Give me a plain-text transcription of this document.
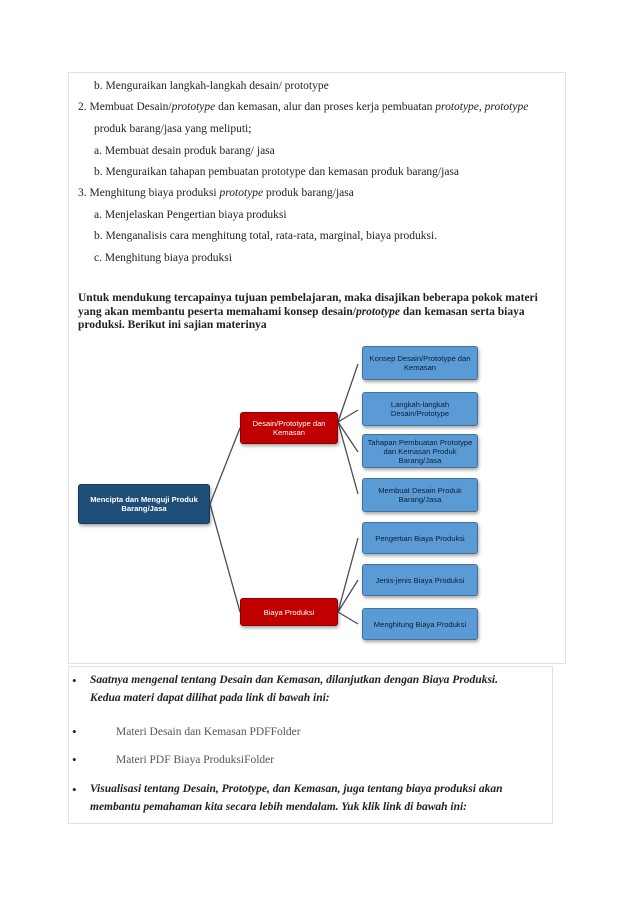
b. Menguraikan langkah-langkah desain/ prototype
2. Membuat Desain/prototype dan kemasan, alur dan proses kerja pembuatan prototype, prototype
produk barang/jasa yang meliputi;
a. Membuat desain produk barang/ jasa
b. Menguraikan tahapan pembuatan prototype dan kemasan produk barang/jasa
3. Menghitung biaya produksi prototype produk barang/jasa
a. Menjelaskan Pengertian biaya produksi
b. Menganalisis cara menghitung total, rata-rata, marginal, biaya produksi.
c. Menghitung biaya produksi
Untuk mendukung tercapainya tujuan pembelajaran, maka disajikan beberapa pokok materi yang akan membantu peserta memahami konsep desain/prototype dan kemasan serta biaya produksi. Berikut ini sajian materinya
Mencipta dan Menguji Produk Barang/Jasa
Desain/Prototype dan Kemasan
Biaya Produksi
Konsep Desain/Prototype dan Kemasan
Langkah-langkah Desain/Prototype
Tahapan Pembuatan Prototype dan Kemasan Produk Barang/Jasa
Membuat Desain Produk Barang/Jasa
Pengertian Biaya Produksi
Jenis-jenis Biaya Produksi
Menghitung Biaya Produksi
• Saatnya mengenal tentang Desain dan Kemasan, dilanjutkan dengan Biaya Produksi.
Kedua materi dapat dilihat pada link di bawah ini:
•	Materi Desain dan Kemasan PDFFolder
•	Materi PDF Biaya ProduksiFolder
• Visualisasi tentang Desain, Prototype, dan Kemasan, juga tentang biaya produksi akan
membantu pemahaman kita secara lebih mendalam. Yuk klik link di bawah ini:
